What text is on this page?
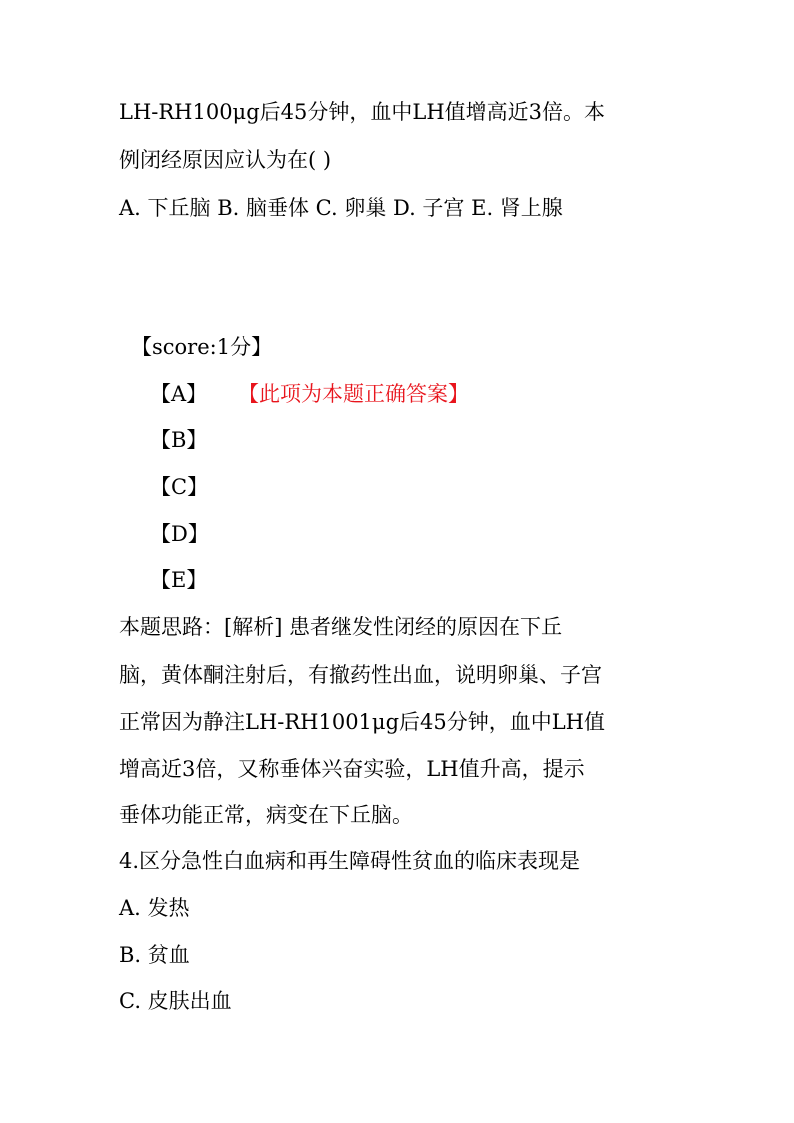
LH-RH100μg后45分钟，血中LH值增高近3倍。本
例闭经原因应认为在( )
A. 下丘脑 B. 脑垂体 C. 卵巢 D. 子宫 E. 肾上腺
【score:1分】
【A】 【此项为本题正确答案】
【B】
【C】
【D】
【E】
本题思路：[解析] 患者继发性闭经的原因在下丘
脑，黄体酮注射后，有撤药性出血，说明卵巢、子宫
正常因为静注LH-RH1001μg后45分钟，血中LH值
增高近3倍，又称垂体兴奋实验，LH值升高，提示
垂体功能正常，病变在下丘脑。
4.区分急性白血病和再生障碍性贫血的临床表现是
A. 发热
B. 贫血
C. 皮肤出血
